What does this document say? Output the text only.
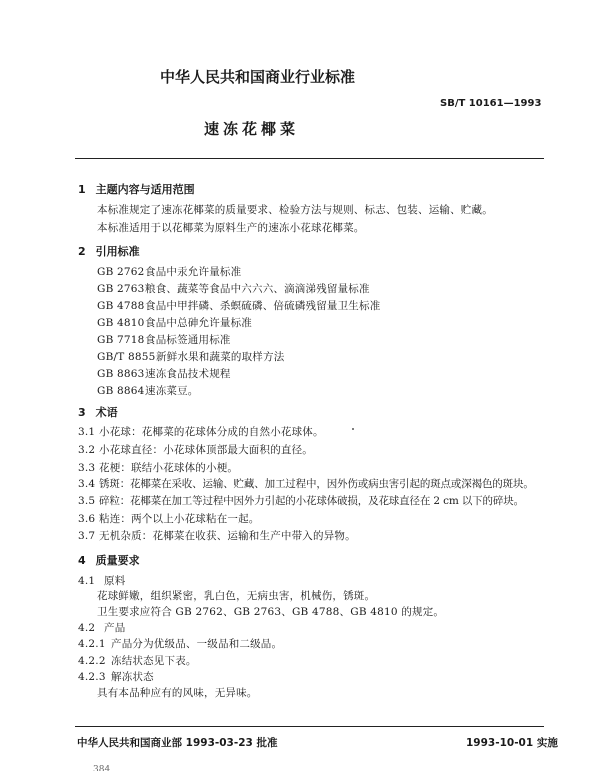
中华人民共和国商业行业标准
SB/T 10161—1993
速冻花椰菜
1 主题内容与适用范围
本标准规定了速冻花椰菜的质量要求、检验方法与规则、标志、包装、运输、贮藏。
本标准适用于以花椰菜为原料生产的速冻小花球花椰菜。
2 引用标准
GB 2762食品中汞允许量标准
GB 2763粮食、蔬菜等食品中六六六、滴滴涕残留量标准
GB 4788食品中甲拌磷、杀螟硫磷、倍硫磷残留量卫生标准
GB 4810食品中总砷允许量标准
GB 7718食品标签通用标准
GB/T 8855新鲜水果和蔬菜的取样方法
GB 8863速冻食品技术规程
GB 8864速冻菜豆。
3 术语
3.1 小花球：花椰菜的花球体分成的自然小花球体。
3.2 小花球直径：小花球体顶部最大面积的直径。
3.3 花梗：联结小花球体的小梗。
3.4 锈斑：花椰菜在采收、运输、贮藏、加工过程中，因外伤或病虫害引起的斑点或深褐色的斑块。
3.5 碎粒：花椰菜在加工等过程中因外力引起的小花球体破损，及花球直径在 2 cm 以下的碎块。
3.6 粘连：两个以上小花球粘在一起。
3.7 无机杂质：花椰菜在收获、运输和生产中带入的异物。
4 质量要求
4.1 原料
花球鲜嫩，组织紧密，乳白色，无病虫害，机械伤，锈斑。
卫生要求应符合 GB 2762、GB 2763、GB 4788、GB 4810 的规定。
4.2 产品
4.2.1 产品分为优级品、一级品和二级品。
4.2.2 冻结状态见下表。
4.2.3 解冻状态
具有本品种应有的风味，无异味。
中华人民共和国商业部 1993-03-23 批准	1993-10-01 实施
384
